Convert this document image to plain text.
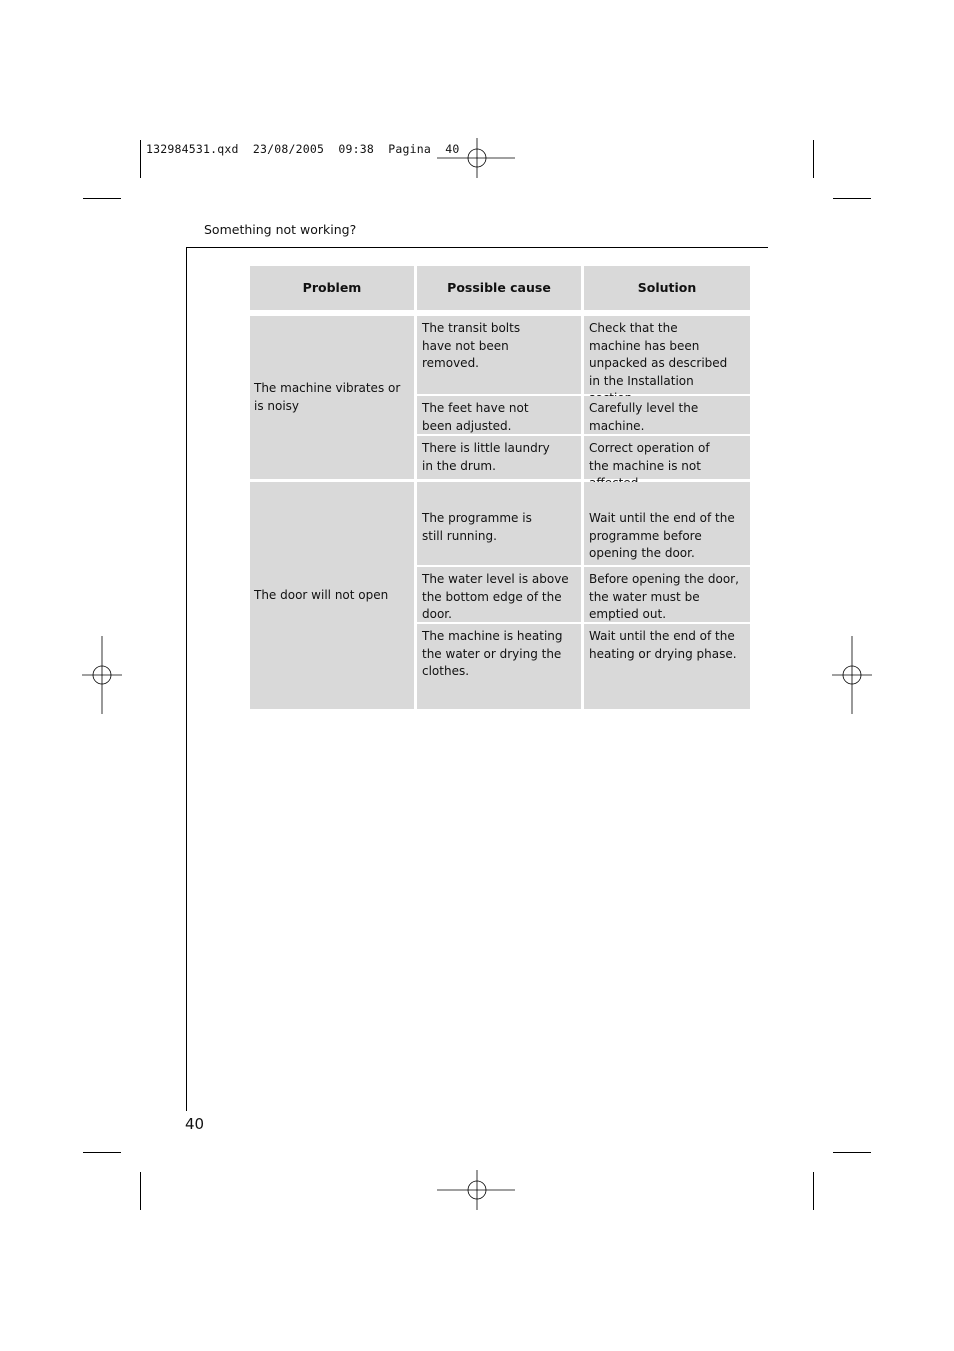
132984531.qxd  23/08/2005  09:38  Pagina  40
Something not working?
40
Problem	Possible cause	Solution
The machine vibrates or is noisy
The transit bolts have not been removed.
Check that the machine has been unpacked as described in the Installation
The feet have not been adjusted.
Carefully level the machine.
There is little laundry in the drum.
Correct operation of the machine is not
The door will not open
The programme is still running.
Wait until the end of the programme before opening the door.
The water level is above the bottom edge of the door.
Before opening the door, the water must be emptied out.
The machine is heating the water or drying the clothes.
Wait until the end of the heating or drying phase.
